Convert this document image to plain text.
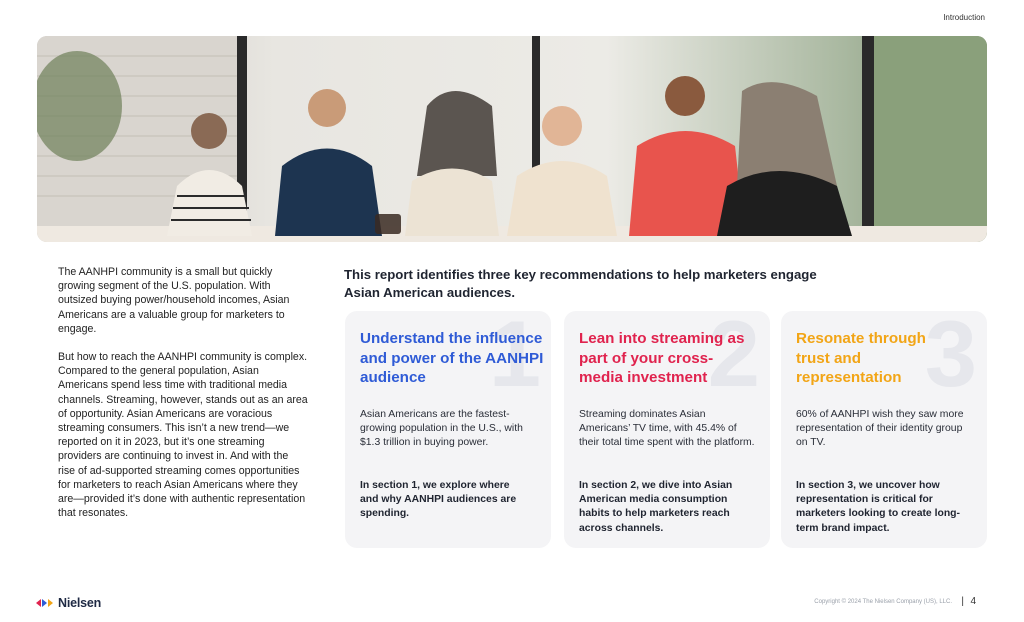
Introduction

The AANHPI community is a small but quickly growing segment of the U.S. population. With outsized buying power/household incomes, Asian Americans are a valuable group for marketers to engage.

But how to reach the AANHPI community is complex. Compared to the general population, Asian Americans spend less time with traditional media channels. Streaming, however, stands out as an area of opportunity. Asian Americans are voracious streaming consumers. This isn’t a new trend—we reported on it in 2023, but it’s one streaming providers are continuing to invest in. And with the rise of ad-supported streaming comes opportunities for marketers to reach Asian Americans where they are—provided it’s done with authentic representation that resonates.

This report identifies three key recommendations to help marketers engage Asian American audiences.
1
Understand the influence and power of the AANHPI audience
Asian Americans are the fastest-growing population in the U.S., with $1.3 trillion in buying power.
In section 1, we explore where and why AANHPI audiences are spending.
2
Lean into streaming as part of your cross-media investment
Streaming dominates Asian Americans’ TV time, with 45.4% of their total time spent with the platform.
In section 2, we dive into Asian American media consumption habits to help marketers reach across channels.
3
Resonate through trust and representation
60% of AANHPI wish they saw more representation of their identity group on TV.
In section 3, we uncover how representation is critical for marketers looking to create long-term brand impact.
Nielsen	Copyright © 2024 The Nielsen Company (US), LLC. | 4
